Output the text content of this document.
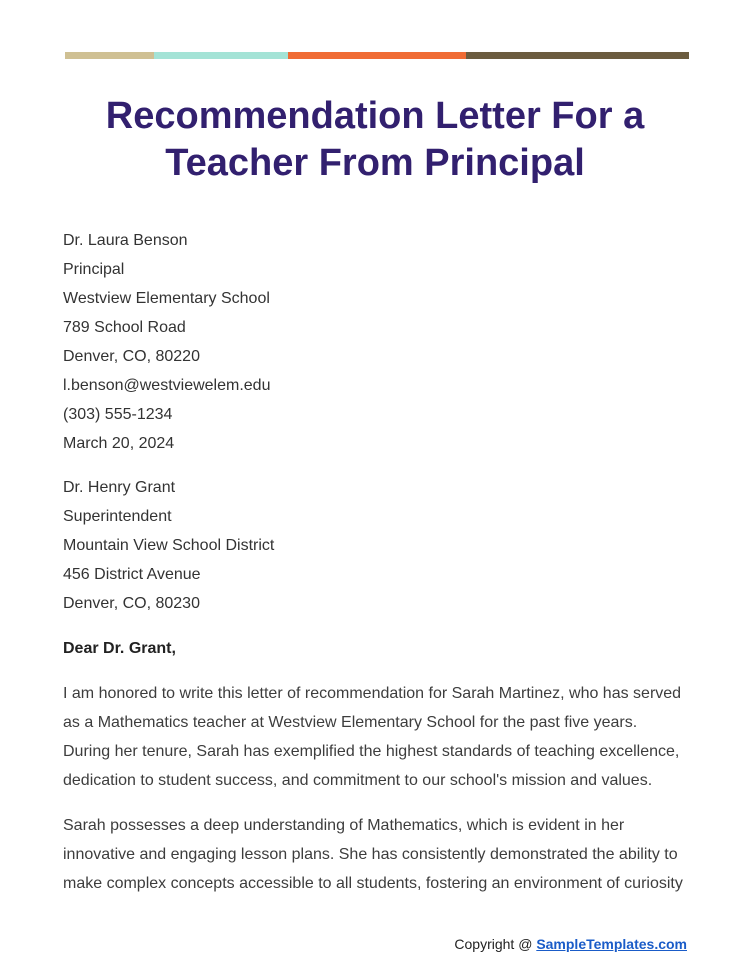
Recommendation Letter For a
Teacher From Principal
Dr. Laura Benson
Principal
Westview Elementary School
789 School Road
Denver, CO, 80220
l.benson@westviewelem.edu
(303) 555-1234
March 20, 2024
Dr. Henry Grant
Superintendent
Mountain View School District
456 District Avenue
Denver, CO, 80230

Dear Dr. Grant,

I am honored to write this letter of recommendation for Sarah Martinez, who has served
as a Mathematics teacher at Westview Elementary School for the past five years.
During her tenure, Sarah has exemplified the highest standards of teaching excellence,
dedication to student success, and commitment to our school's mission and values.

Sarah possesses a deep understanding of Mathematics, which is evident in her
innovative and engaging lesson plans. She has consistently demonstrated the ability to
make complex concepts accessible to all students, fostering an environment of curiosity

Copyright @ SampleTemplates.com
